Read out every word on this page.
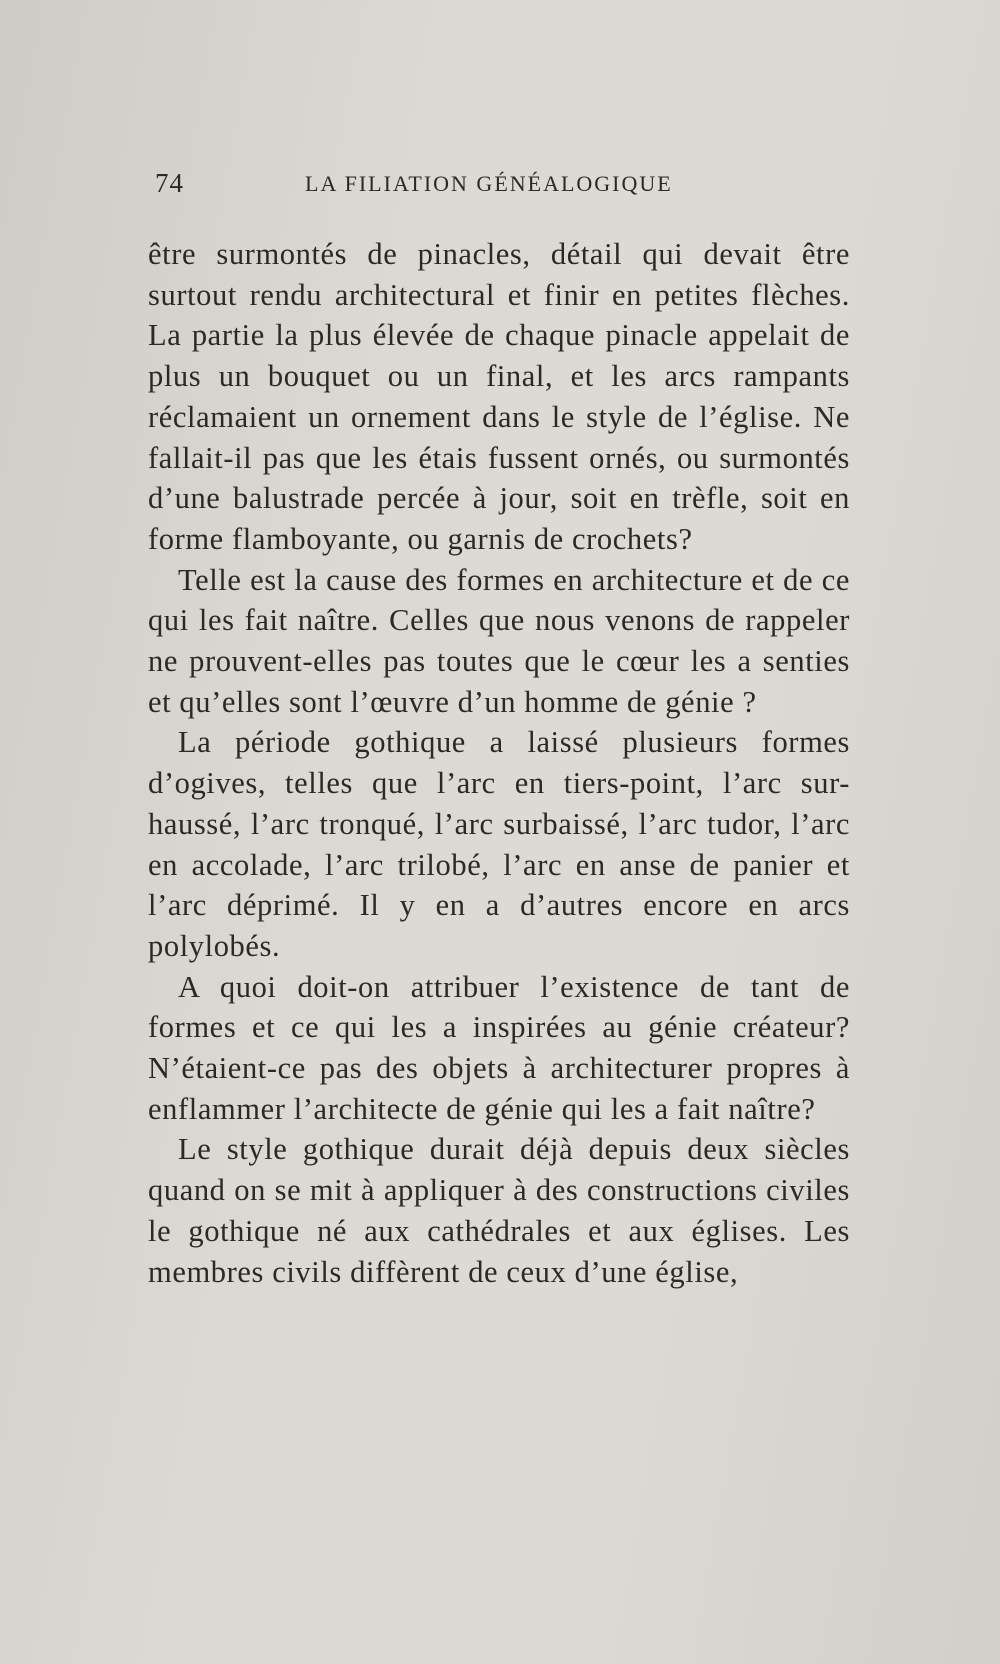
74	LA FILIATION GÉNÉALOGIQUE

être surmontés de pinacles, détail qui devait être surtout rendu architectural et finir en petites flèches. La partie la plus élevée de chaque pinacle appelait de plus un bouquet ou un final, et les arcs rampants réclamaient un ornement dans le style de l’église. Ne fallait-il pas que les étais fussent ornés, ou surmontés d’une balustrade percée à jour, soit en trèfle, soit en forme flamboyante, ou garnis de crochets?

Telle est la cause des formes en architecture et de ce qui les fait naître. Celles que nous venons de rappeler ne prouvent-elles pas toutes que le cœur les a senties et qu’elles sont l’œuvre d’un homme de génie ?

La période gothique a laissé plusieurs formes d’ogives, telles que l’arc en tiers-point, l’arc sur-haussé, l’arc tronqué, l’arc surbaissé, l’arc tudor, l’arc en accolade, l’arc trilobé, l’arc en anse de panier et l’arc déprimé. Il y en a d’autres encore en arcs polylobés.

A quoi doit-on attribuer l’existence de tant de formes et ce qui les a inspirées au génie créateur? N’étaient-ce pas des objets à architecturer propres à enflammer l’architecte de génie qui les a fait naître?

Le style gothique durait déjà depuis deux siècles quand on se mit à appliquer à des constructions civiles le gothique né aux cathédrales et aux églises. Les membres civils diffèrent de ceux d’une église,
